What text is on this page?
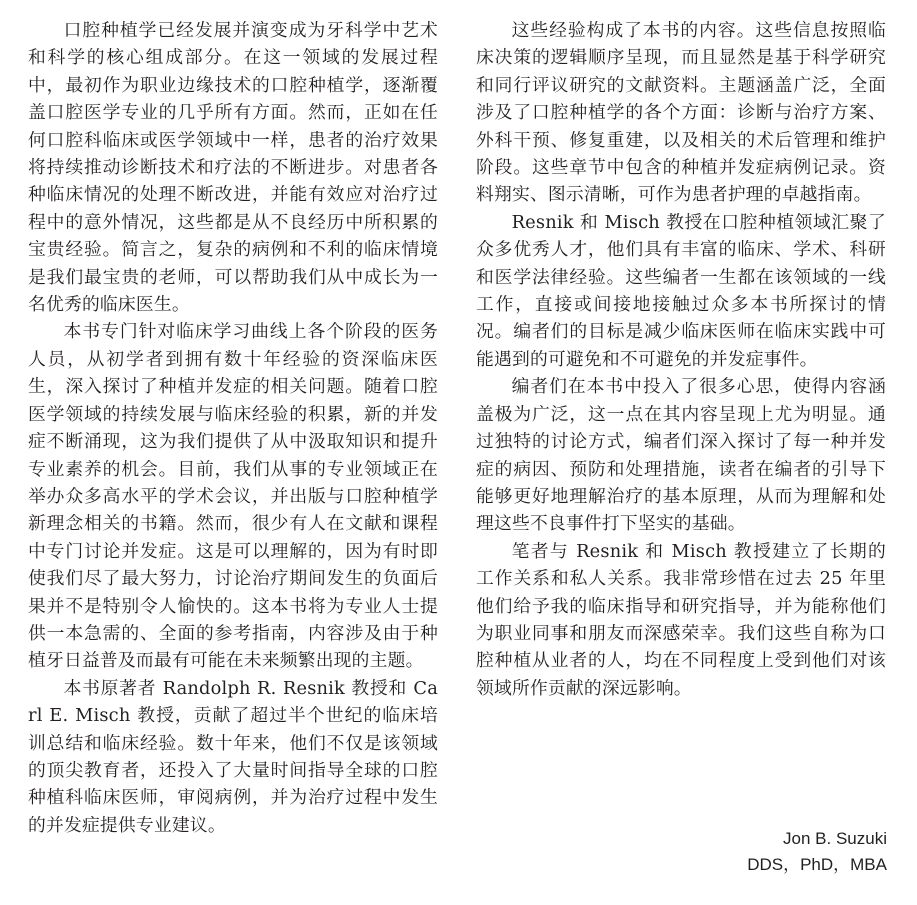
口腔种植学已经发展并演变成为牙科学中艺术和科学的核心组成部分。在这一领域的发展过程中，最初作为职业边缘技术的口腔种植学，逐渐覆盖口腔医学专业的几乎所有方面。然而，正如在任何口腔科临床或医学领域中一样，患者的治疗效果将持续推动诊断技术和疗法的不断进步。对患者各种临床情况的处理不断改进，并能有效应对治疗过程中的意外情况，这些都是从不良经历中所积累的宝贵经验。简言之，复杂的病例和不利的临床情境是我们最宝贵的老师，可以帮助我们从中成长为一名优秀的临床医生。

本书专门针对临床学习曲线上各个阶段的医务人员，从初学者到拥有数十年经验的资深临床医生，深入探讨了种植并发症的相关问题。随着口腔医学领域的持续发展与临床经验的积累，新的并发症不断涌现，这为我们提供了从中汲取知识和提升专业素养的机会。目前，我们从事的专业领域正在举办众多高水平的学术会议，并出版与口腔种植学新理念相关的书籍。然而，很少有人在文献和课程中专门讨论并发症。这是可以理解的，因为有时即使我们尽了最大努力，讨论治疗期间发生的负面后果并不是特别令人愉快的。这本书将为专业人士提供一本急需的、全面的参考指南，内容涉及由于种植牙日益普及而最有可能在未来频繁出现的主题。

本书原著者 Randolph R. Resnik 教授和 Carl E. Misch 教授，贡献了超过半个世纪的临床培训总结和临床经验。数十年来，他们不仅是该领域的顶尖教育者，还投入了大量时间指导全球的口腔种植科临床医师，审阅病例，并为治疗过程中发生的并发症提供专业建议。

这些经验构成了本书的内容。这些信息按照临床决策的逻辑顺序呈现，而且显然是基于科学研究和同行评议研究的文献资料。主题涵盖广泛，全面涉及了口腔种植学的各个方面：诊断与治疗方案、外科干预、修复重建，以及相关的术后管理和维护阶段。这些章节中包含的种植并发症病例记录。资料翔实、图示清晰，可作为患者护理的卓越指南。

Resnik 和 Misch 教授在口腔种植领域汇聚了众多优秀人才，他们具有丰富的临床、学术、科研和医学法律经验。这些编者一生都在该领域的一线工作，直接或间接地接触过众多本书所探讨的情况。编者们的目标是减少临床医师在临床实践中可能遇到的可避免和不可避免的并发症事件。

编者们在本书中投入了很多心思，使得内容涵盖极为广泛，这一点在其内容呈现上尤为明显。通过独特的讨论方式，编者们深入探讨了每一种并发症的病因、预防和处理措施，读者在编者的引导下能够更好地理解治疗的基本原理，从而为理解和处理这些不良事件打下坚实的基础。

笔者与 Resnik 和 Misch 教授建立了长期的工作关系和私人关系。我非常珍惜在过去 25 年里他们给予我的临床指导和研究指导，并为能称他们为职业同事和朋友而深感荣幸。我们这些自称为口腔种植从业者的人，均在不同程度上受到他们对该领域所作贡献的深远影响。

Jon B. Suzuki
DDS，PhD，MBA
